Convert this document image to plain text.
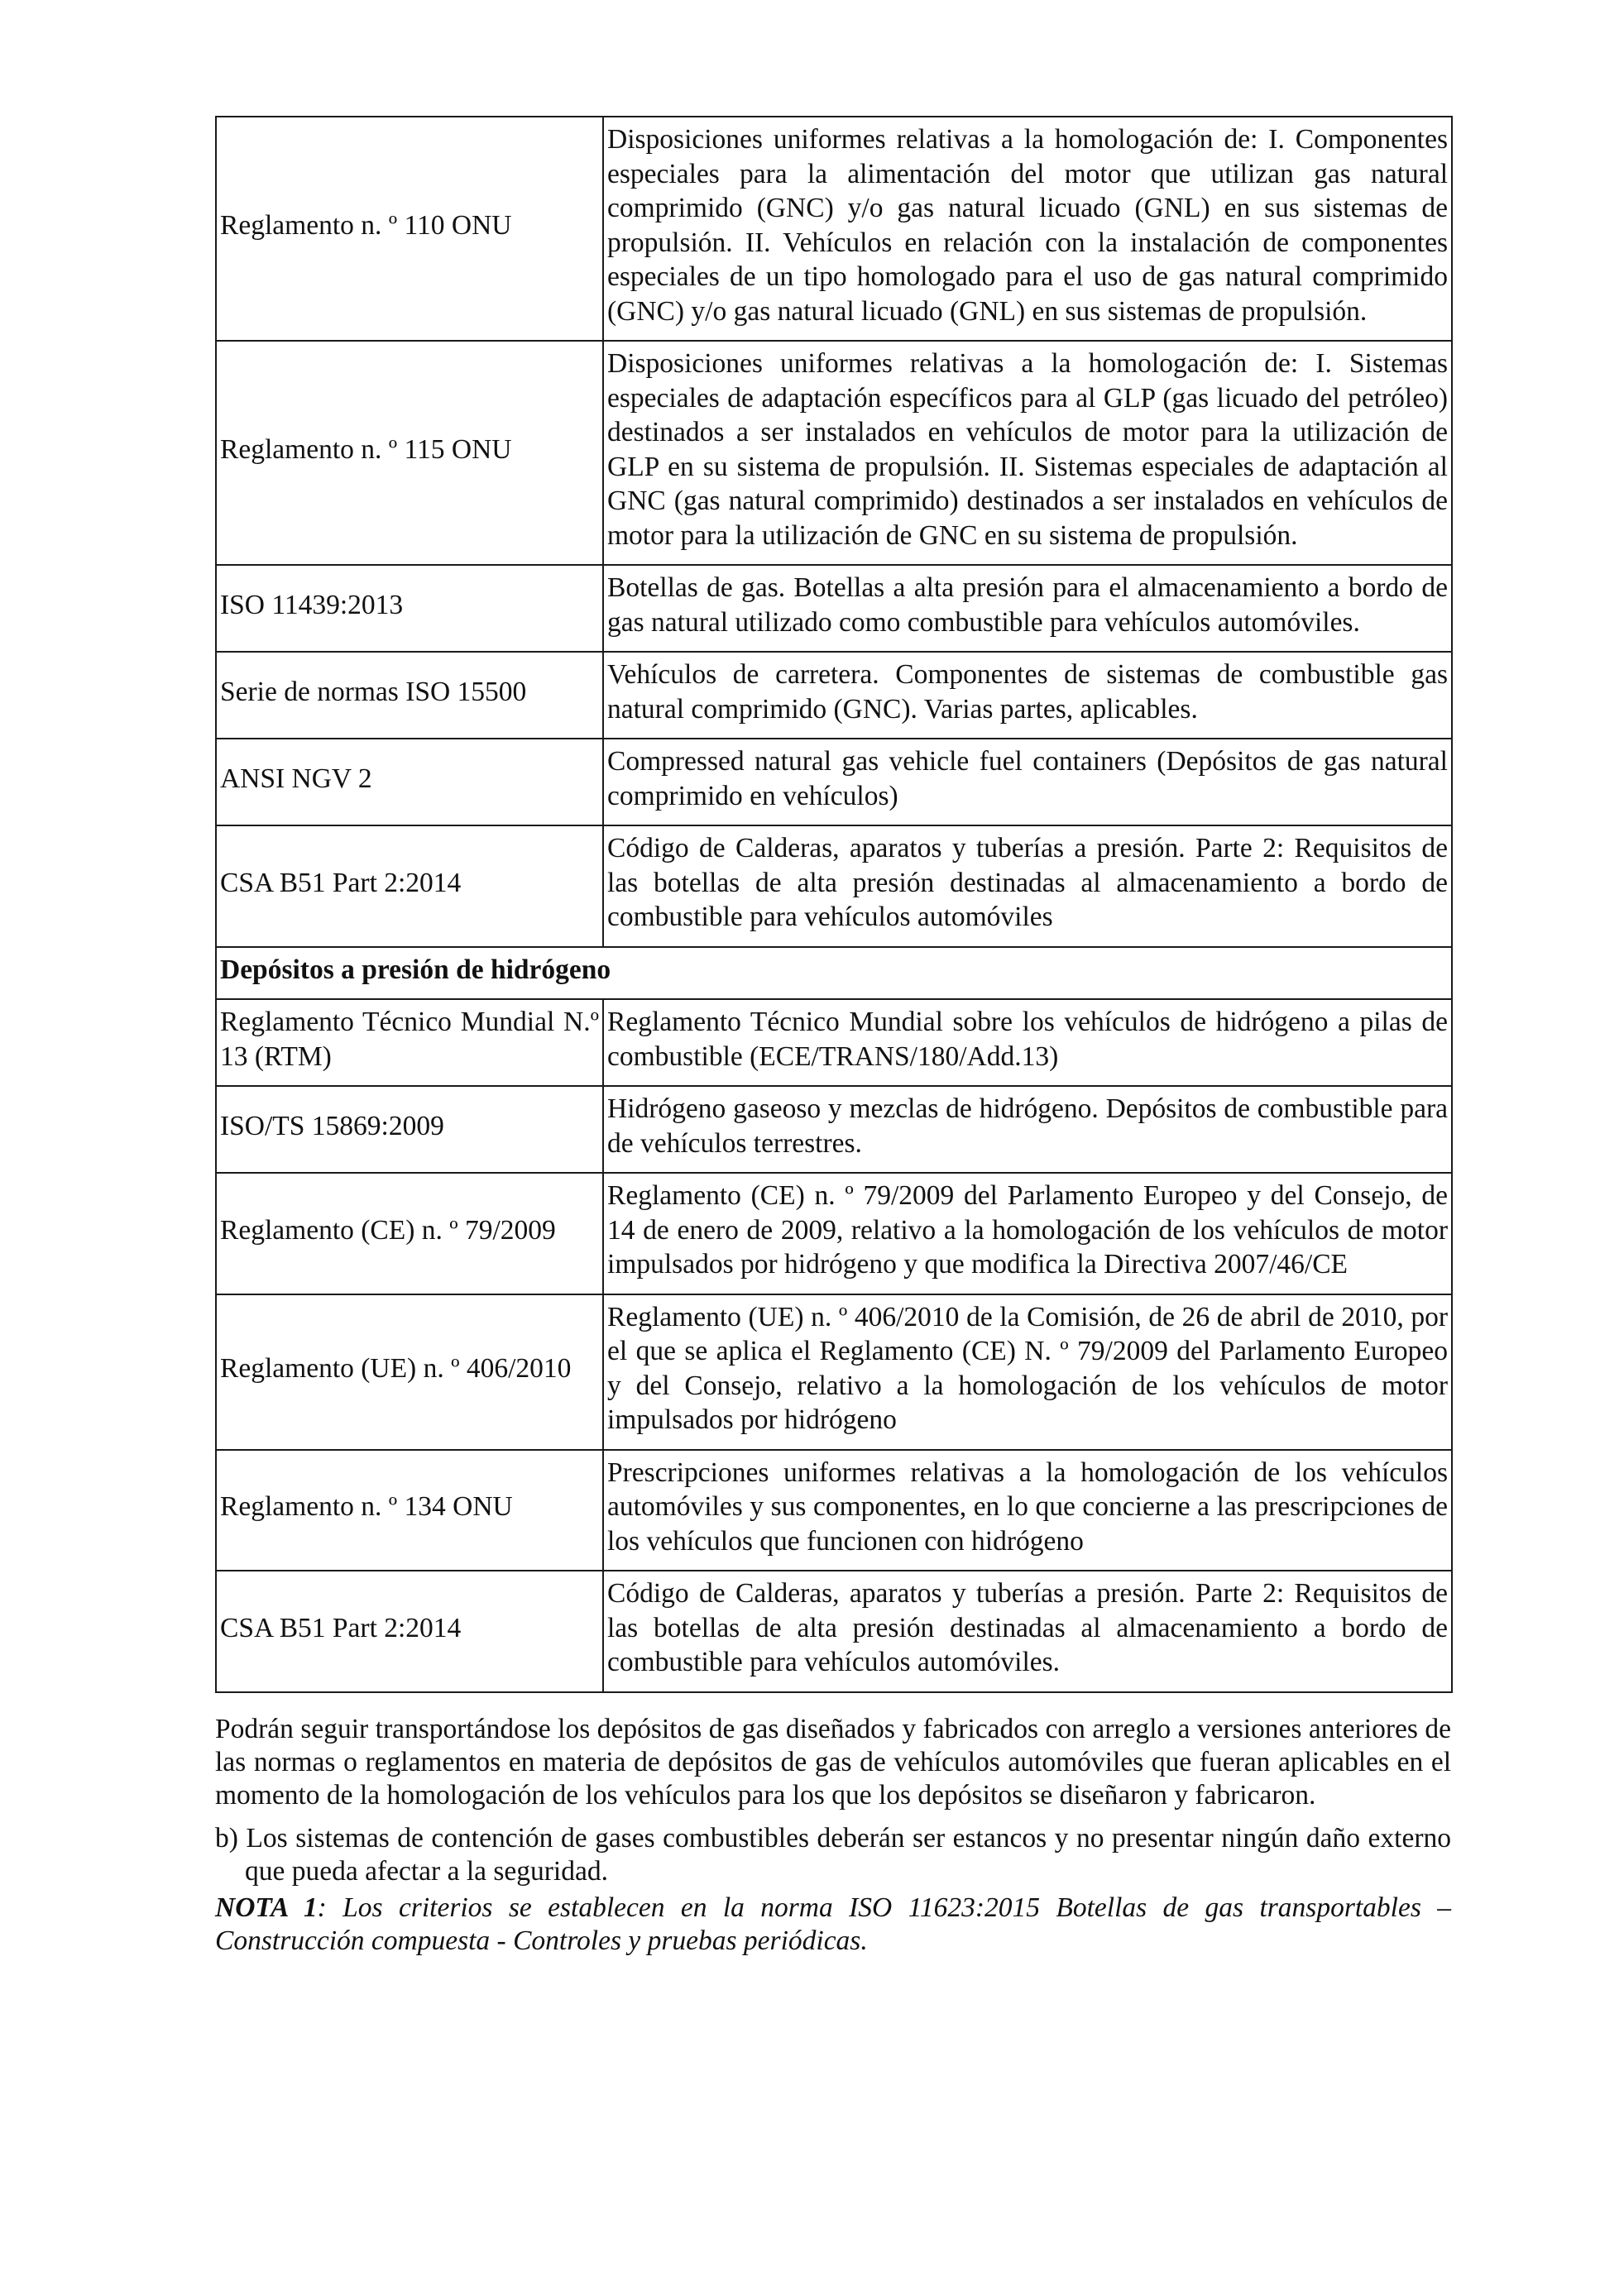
Reglamento n. º 110 ONU	Disposiciones uniformes relativas a la homologación de: I. Componentes especiales para la alimentación del motor que utilizan gas natural comprimido (GNC) y/o gas natural licuado (GNL) en sus sistemas de propulsión. II. Vehículos en relación con la instalación de componentes especiales de un tipo homologado para el uso de gas natural comprimido (GNC) y/o gas natural licuado (GNL) en sus sistemas de propulsión.
Reglamento n. º 115 ONU	Disposiciones uniformes relativas a la homologación de: I. Sistemas especiales de adaptación específicos para al GLP (gas licuado del petróleo) destinados a ser instalados en vehículos de motor para la utilización de GLP en su sistema de propulsión. II. Sistemas especiales de adaptación al GNC (gas natural comprimido) destinados a ser instalados en vehículos de motor para la utilización de GNC en su sistema de propulsión.
ISO 11439:2013	Botellas de gas. Botellas a alta presión para el almacenamiento a bordo de gas natural utilizado como combustible para vehículos automóviles.
Serie de normas ISO 15500	Vehículos de carretera. Componentes de sistemas de combustible gas natural comprimido (GNC). Varias partes, aplicables.
ANSI NGV 2	Compressed natural gas vehicle fuel containers (Depósitos de gas natural comprimido en vehículos)
CSA B51 Part 2:2014	Código de Calderas, aparatos y tuberías a presión. Parte 2: Requisitos de las botellas de alta presión destinadas al almacenamiento a bordo de combustible para vehículos automóviles
Depósitos a presión de hidrógeno	
Reglamento Técnico Mundial N.º 13 (RTM)	Reglamento Técnico Mundial sobre los vehículos de hidrógeno a pilas de combustible (ECE/TRANS/180/Add.13)
ISO/TS 15869:2009	Hidrógeno gaseoso y mezclas de hidrógeno. Depósitos de combustible para de vehículos terrestres.
Reglamento (CE) n. º 79/2009	Reglamento (CE) n. º 79/2009 del Parlamento Europeo y del Consejo, de 14 de enero de 2009, relativo a la homologación de los vehículos de motor impulsados por hidrógeno y que modifica la Directiva 2007/46/CE
Reglamento (UE) n. º 406/2010	Reglamento (UE) n. º 406/2010 de la Comisión, de 26 de abril de 2010, por el que se aplica el Reglamento (CE) N. º 79/2009 del Parlamento Europeo y del Consejo, relativo a la homologación de los vehículos de motor impulsados por hidrógeno
Reglamento n. º 134 ONU	Prescripciones uniformes relativas a la homologación de los vehículos automóviles y sus componentes, en lo que concierne a las prescripciones de los vehículos que funcionen con hidrógeno
CSA B51 Part 2:2014	Código de Calderas, aparatos y tuberías a presión. Parte 2: Requisitos de las botellas de alta presión destinadas al almacenamiento a bordo de combustible para vehículos automóviles.

Podrán seguir transportándose los depósitos de gas diseñados y fabricados con arreglo a versiones anteriores de las normas o reglamentos en materia de depósitos de gas de vehículos automóviles que fueran aplicables en el momento de la homologación de los vehículos para los que los depósitos se diseñaron y fabricaron.

b) Los sistemas de contención de gases combustibles deberán ser estancos y no presentar ningún daño externo que pueda afectar a la seguridad.

NOTA 1: Los criterios se establecen en la norma ISO 11623:2015 Botellas de gas transportables – Construcción compuesta - Controles y pruebas periódicas.
